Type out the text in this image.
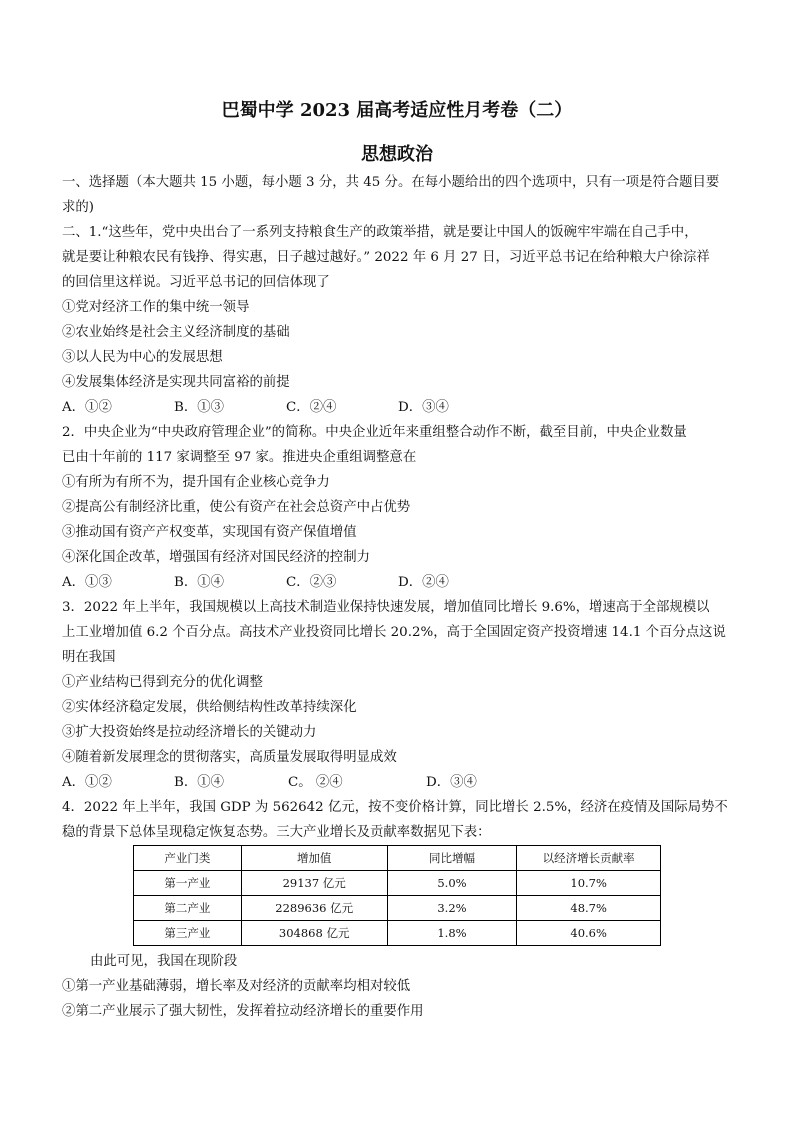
巴蜀中学 2023 届高考适应性月考卷（二）
思想政治
一、选择题（本大题共 15 小题，每小题 3 分，共 45 分。在每小题给出的四个选项中，只有一项是符合题目要
求的)
二、1.“这些年，党中央出台了一系列支持粮食生产的政策举措，就是要让中国人的饭碗牢牢端在自己手中，
就是要让种粮农民有钱挣、得实惠，日子越过越好。” 2022 年 6 月 27 日，习近平总书记在给种粮大户徐淙祥
的回信里这样说。习近平总书记的回信体现了
①党对经济工作的集中统一领导
②农业始终是社会主义经济制度的基础
③以人民为中心的发展思想
④发展集体经济是实现共同富裕的前提
A．①②	B．①③	C．②④	D．③④
2．中央企业为“中央政府管理企业”的简称。中央企业近年来重组整合动作不断，截至目前，中央企业数量
已由十年前的 117 家调整至 97 家。推进央企重组调整意在
①有所为有所不为，提升国有企业核心竞争力
②提高公有制经济比重，使公有资产在社会总资产中占优势
③推动国有资产产权变革，实现国有资产保值增值
④深化国企改革，增强国有经济对国民经济的控制力
A．①③	B．①④	C．②③	D．②④
3．2022 年上半年，我国规模以上高技术制造业保持快速发展，增加值同比增长 9.6%，增速高于全部规模以
上工业增加值 6.2 个百分点。高技术产业投资同比增长 20.2%，高于全国固定资产投资增速 14.1 个百分点这说
明在我国
①产业结构已得到充分的优化调整
②实体经济稳定发展，供给侧结构性改革持续深化
③扩大投资始终是拉动经济增长的关键动力
④随着新发展理念的贯彻落实，高质量发展取得明显成效
A．①②	B．①④	C。 ②④	D．③④
4．2022 年上半年，我国 GDP 为 562642 亿元，按不变价格计算，同比增长 2.5%，经济在疫情及国际局势不
稳的背景下总体呈现稳定恢复态势。三大产业增长及贡献率数据见下表：
产业门类	增加值	同比增幅	以经济增长贡献率
第一产业	29137 亿元	5.0%	10.7%
第二产业	2289636 亿元	3.2%	48.7%
第三产业	304868 亿元	1.8%	40.6%
由此可见，我国在现阶段
①第一产业基础薄弱，增长率及对经济的贡献率均相对较低
②第二产业展示了强大韧性，发挥着拉动经济增长的重要作用
